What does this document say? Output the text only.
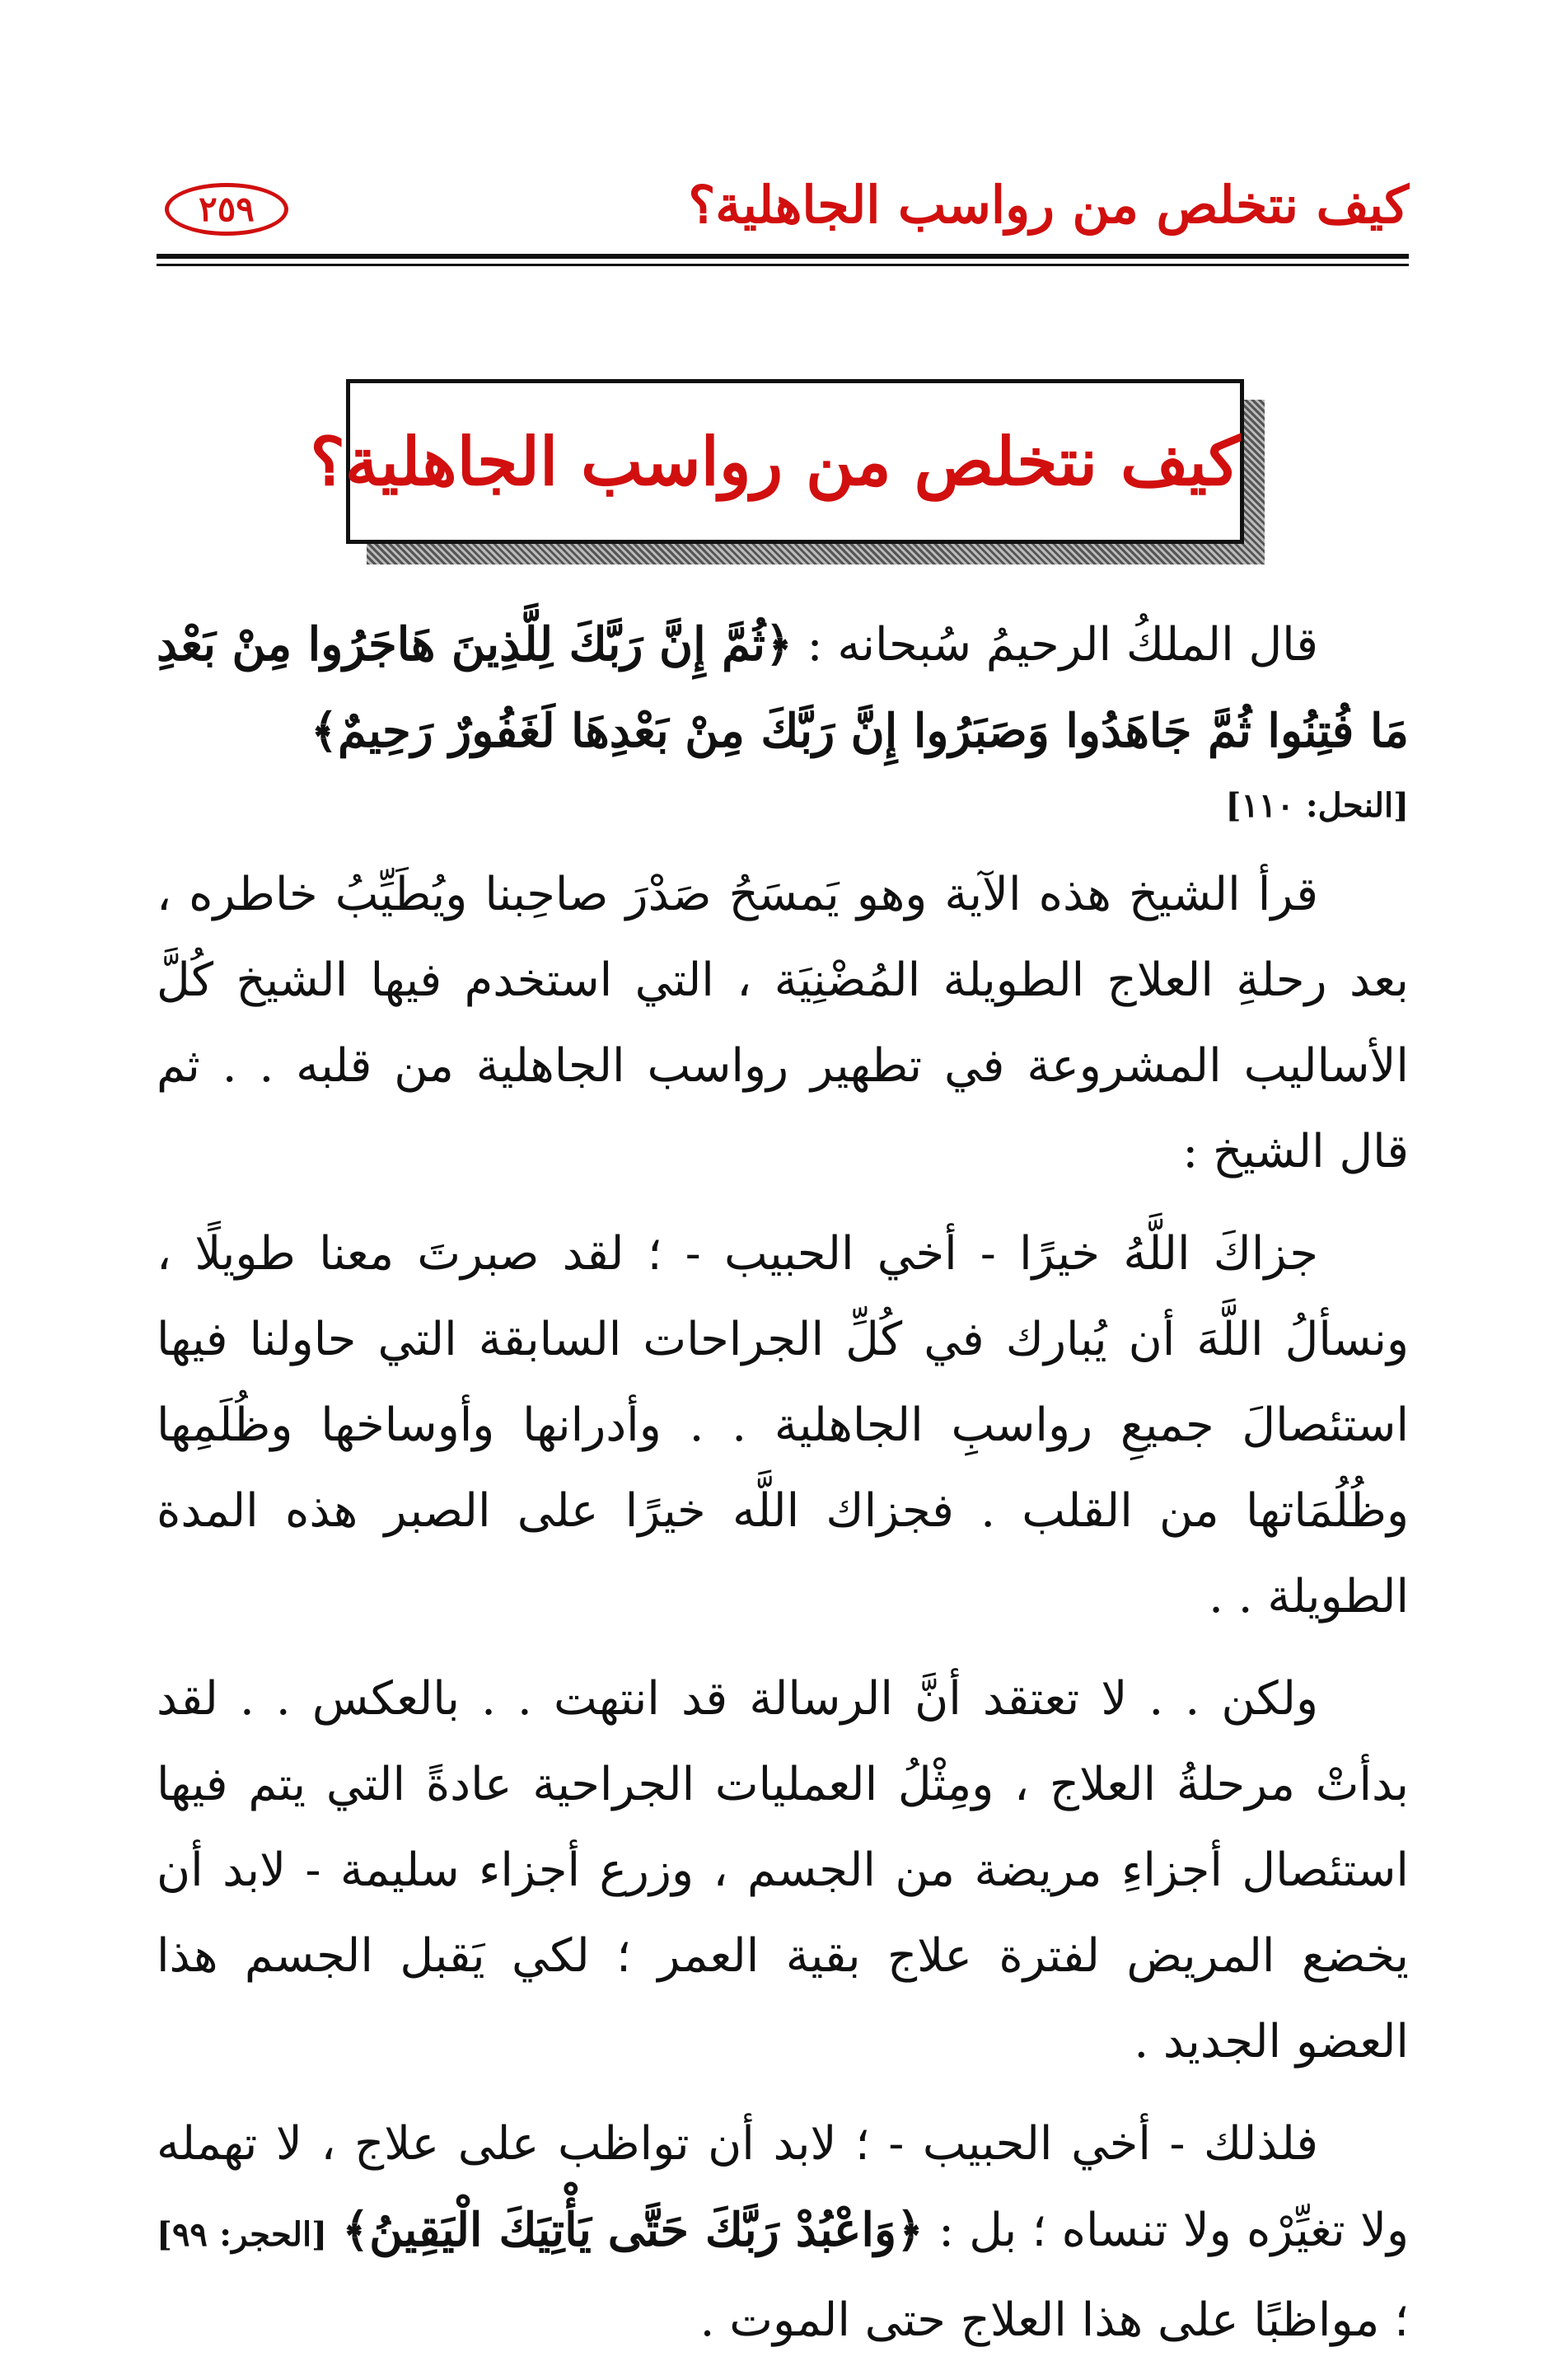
كيف نتخلص من رواسب الجاهلية؟
٢٥٩
كيف نتخلص من رواسب الجاهلية؟

قال الملكُ الرحيمُ سُبحانه : ﴿ثُمَّ إِنَّ رَبَّكَ لِلَّذِينَ هَاجَرُوا مِنْ بَعْدِ مَا فُتِنُوا ثُمَّ جَاهَدُوا وَصَبَرُوا إِنَّ رَبَّكَ مِنْ بَعْدِهَا لَغَفُورٌ رَحِيمٌ﴾

[النحل: ١١٠]

قرأ الشيخ هذه الآية وهو يَمسَحُ صَدْرَ صاحِبنا ويُطَيِّبُ خاطره ، بعد رحلةِ العلاج الطويلة المُضْنِيَة ، التي استخدم فيها الشيخ كُلَّ الأساليب المشروعة في تطهير رواسب الجاهلية من قلبه . . ثم قال الشيخ :

جزاكَ اللَّهُ خيرًا - أخي الحبيب - ؛ لقد صبرتَ معنا طويلًا ، ونسألُ اللَّهَ أن يُبارك في كُلِّ الجراحات السابقة التي حاولنا فيها استئصالَ جميعِ رواسبِ الجاهلية . . وأدرانها وأوساخها وظُلَمِها وظُلُمَاتها من القلب . فجزاك اللَّه خيرًا على الصبر هذه المدة الطويلة . .

ولكن . . لا تعتقد أنَّ الرسالة قد انتهت . . بالعكس . . لقد بدأتْ مرحلةُ العلاج ، ومِثْلُ العمليات الجراحية عادةً التي يتم فيها استئصال أجزاءِ مريضة من الجسم ، وزرع أجزاء سليمة - لابد أن يخضع المريض لفترة علاج بقية العمر ؛ لكي يَقبل الجسم هذا العضو الجديد .

فلذلك - أخي الحبيب - ؛ لابد أن تواظب على علاج ، لا تهمله ولا تغيِّرْه ولا تنساه ؛ بل : ﴿وَاعْبُدْ رَبَّكَ حَتَّى يَأْتِيَكَ الْيَقِينُ﴾ [الحجر: ٩٩] ؛ مواظبًا على هذا العلاج حتى الموت .
